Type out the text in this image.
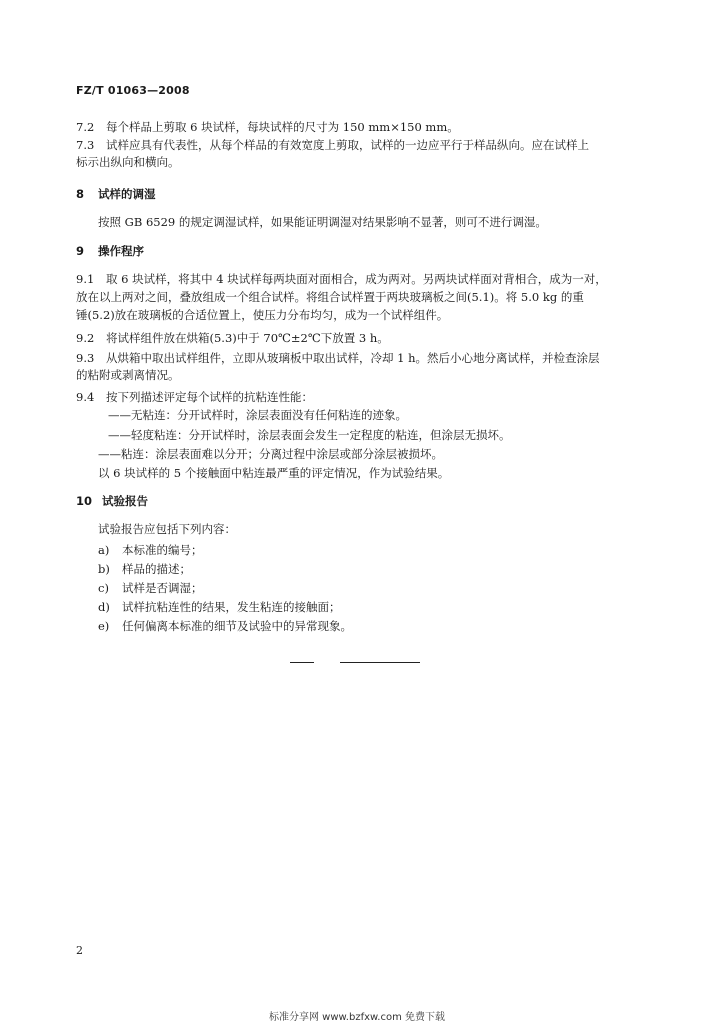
FZ/T 01063—2008
7.2 每个样品上剪取 6 块试样，每块试样的尺寸为 150 mm×150 mm。
7.3 试样应具有代表性，从每个样品的有效宽度上剪取，试样的一边应平行于样品纵向。应在试样上
标示出纵向和横向。
8 试样的调湿
按照 GB 6529 的规定调湿试样，如果能证明调湿对结果影响不显著，则可不进行调湿。
9 操作程序
9.1 取 6 块试样，将其中 4 块试样每两块面对面相合，成为两对。另两块试样面对背相合，成为一对，
放在以上两对之间，叠放组成一个组合试样。将组合试样置于两块玻璃板之间(5.1)。将 5.0 kg 的重
锤(5.2)放在玻璃板的合适位置上，使压力分布均匀，成为一个试样组件。
9.2 将试样组件放在烘箱(5.3)中于 70℃±2℃下放置 3 h。
9.3 从烘箱中取出试样组件，立即从玻璃板中取出试样，冷却 1 h。然后小心地分离试样，并检查涂层
的粘附或剥离情况。
9.4 按下列描述评定每个试样的抗粘连性能：
——无粘连：分开试样时，涂层表面没有任何粘连的迹象。
——轻度粘连：分开试样时，涂层表面会发生一定程度的粘连，但涂层无损坏。
——粘连：涂层表面难以分开；分离过程中涂层或部分涂层被损坏。
以 6 块试样的 5 个接触面中粘连最严重的评定情况，作为试验结果。
10 试验报告
试验报告应包括下列内容：
a) 本标准的编号；
b) 样品的描述；
c) 试样是否调湿；
d) 试样抗粘连性的结果，发生粘连的接触面；
e) 任何偏离本标准的细节及试验中的异常现象。
2
标准分享网 www.bzfxw.com 免费下载
